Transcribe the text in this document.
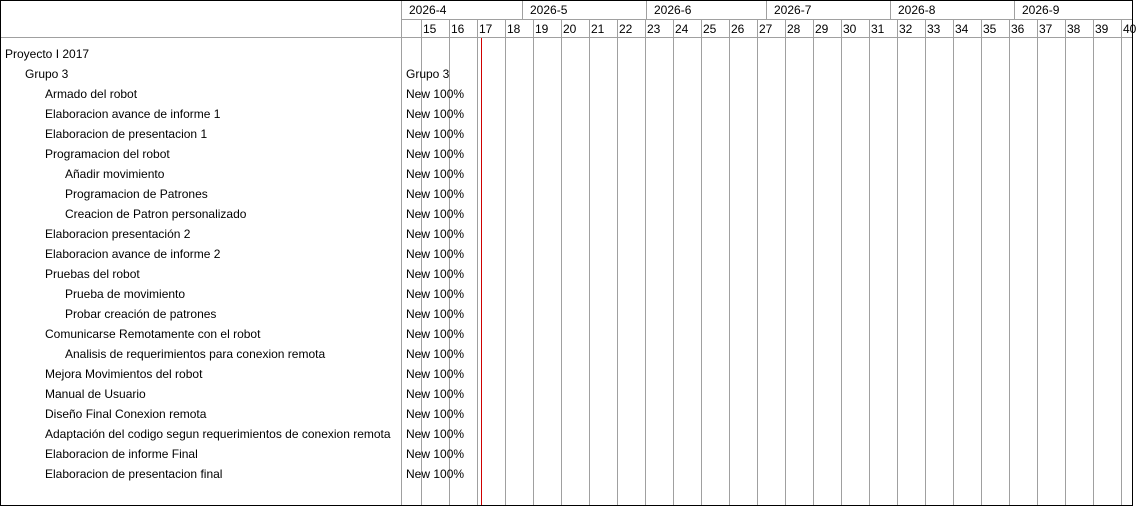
2026-4	2026-5	2026-6	2026-7	2026-8	2026-9
15 16 17 18 19 20 21 22 23 24 25 26 27 28 29 30 31 32 33 34 35 36 37 38 39 40
Proyecto I 2017
Grupo 3	Grupo 3
Armado del robot	New 100%
Elaboracion avance de informe 1	New 100%
Elaboracion de presentacion 1	New 100%
Programacion del robot	New 100%
Añadir movimiento	New 100%
Programacion de Patrones	New 100%
Creacion de Patron personalizado	New 100%
Elaboracion presentación 2	New 100%
Elaboracion avance de informe 2	New 100%
Pruebas del robot	New 100%
Prueba de movimiento	New 100%
Probar creación de patrones	New 100%
Comunicarse Remotamente con el robot	New 100%
Analisis de requerimientos para conexion remota	New 100%
Mejora Movimientos del robot	New 100%
Manual de Usuario	New 100%
Diseño Final Conexion remota	New 100%
Adaptación del codigo segun requerimientos de conexion remota New 100%
Elaboracion de informe Final	New 100%
Elaboracion de presentacion final	New 100%
